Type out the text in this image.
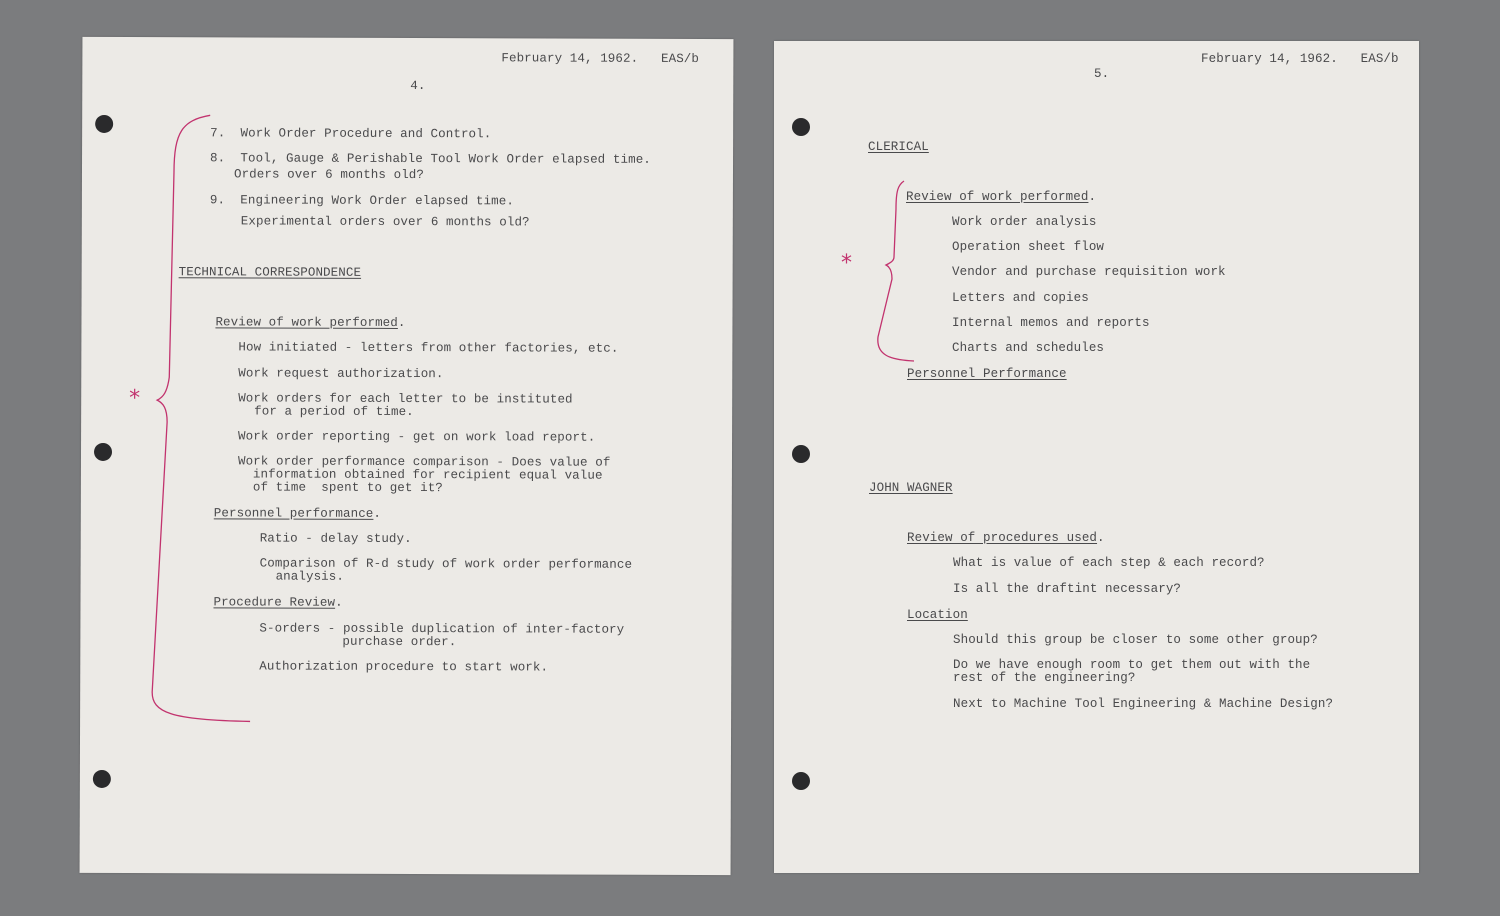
February 14, 1962.   EAS/b
4.
7.  Work Order Procedure and Control.
8.  Tool, Gauge & Perishable Tool Work Order elapsed time.
Orders over 6 months old?
9.  Engineering Work Order elapsed time.
Experimental orders over 6 months old?
TECHNICAL CORRESPONDENCE
Review of work performed.
How initiated - letters from other factories, etc.
Work request authorization.
Work orders for each letter to be instituted
for a period of time.
Work order reporting - get on work load report.
Work order performance comparison - Does value of
information obtained for recipient equal value
of time  spent to get it?
Personnel performance.
Ratio - delay study.
Comparison of R-d study of work order performance
analysis.
Procedure Review.
S-orders - possible duplication of inter-factory
purchase order.
Authorization procedure to start work.
*
February 14, 1962.   EAS/b
5.
CLERICAL
Review of work performed.
Work order analysis
Operation sheet flow
Vendor and purchase requisition work
Letters and copies
Internal memos and reports
Charts and schedules
Personnel Performance
JOHN WAGNER
Review of procedures used.
What is value of each step & each record?
Is all the draftint necessary?
Location
Should this group be closer to some other group?
Do we have enough room to get them out with the
rest of the engineering?
Next to Machine Tool Engineering & Machine Design?
*
